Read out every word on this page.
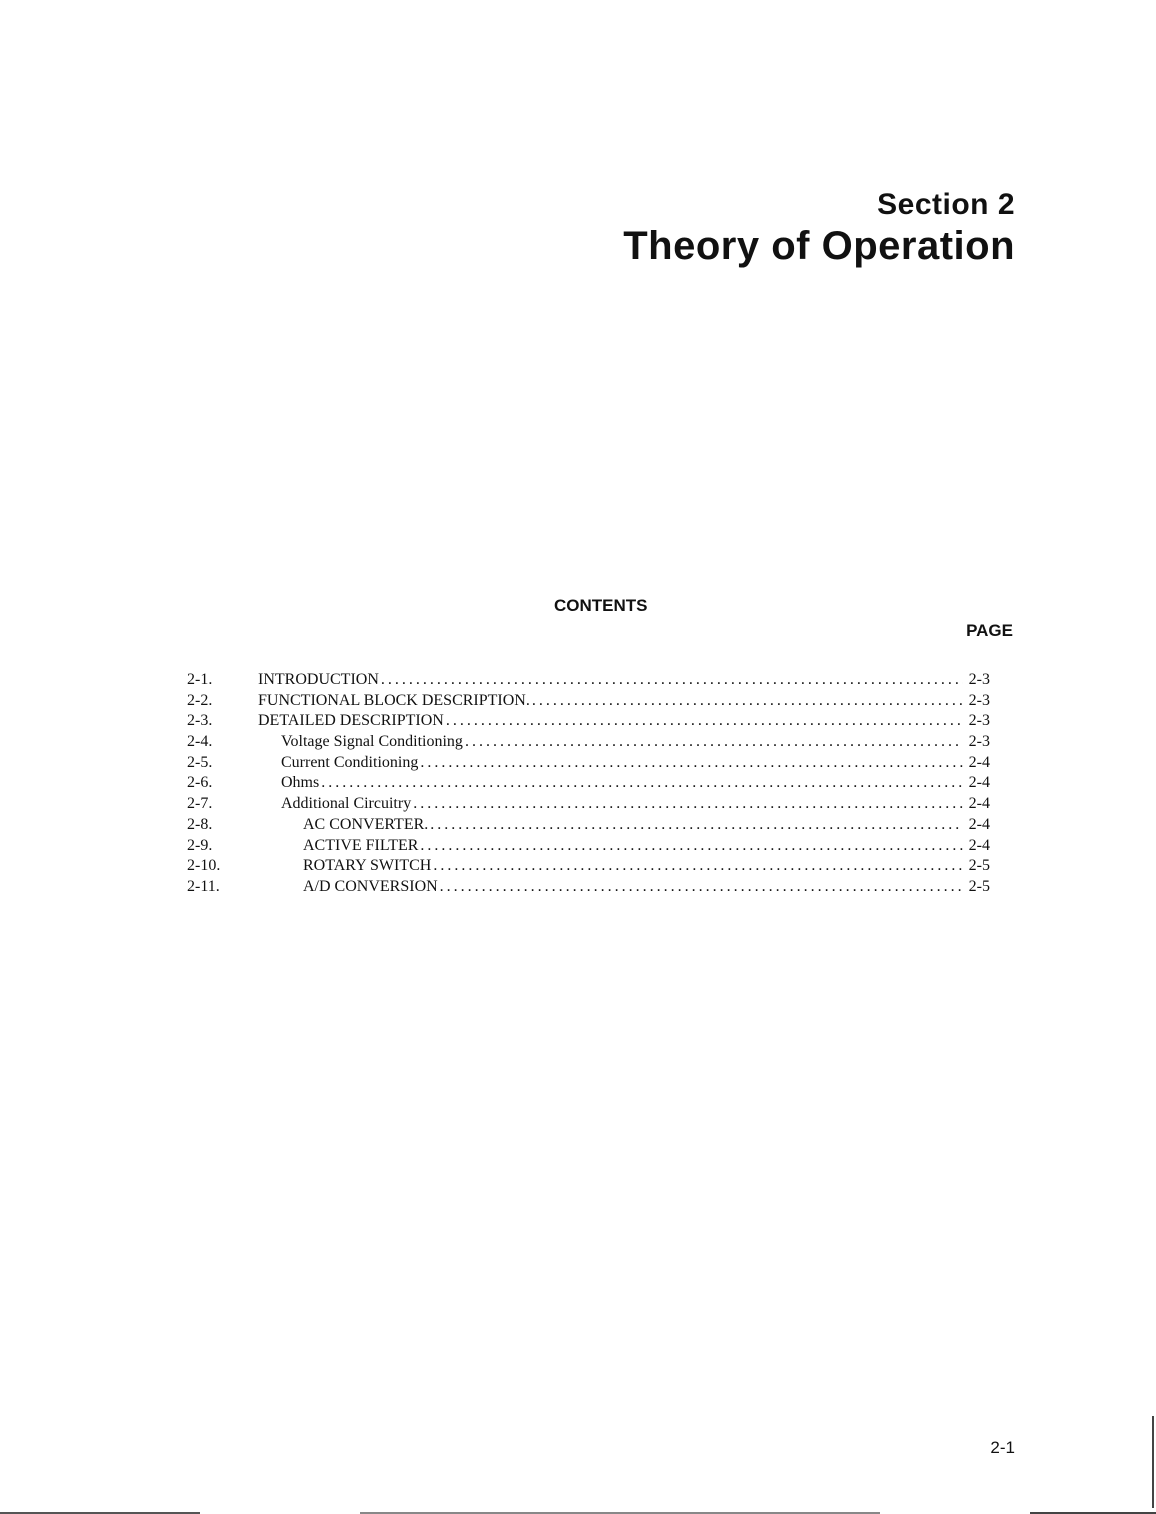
Section 2
Theory of Operation
CONTENTS
PAGE
2-1.	INTRODUCTION .....	2-3
2-2.	FUNCTIONAL BLOCK DESCRIPTION. .....	2-3
2-3.	DETAILED DESCRIPTION .....	2-3
2-4.	Voltage Signal Conditioning .....	2-3
2-5.	Current Conditioning .....	2-4
2-6.	Ohms .....	2-4
2-7.	Additional Circuitry .....	2-4
2-8.	AC CONVERTER. .....	2-4
2-9.	ACTIVE FILTER .....	2-4
2-10.	ROTARY SWITCH .....	2-5
2-11.	A/D CONVERSION .....	2-5
2-1
